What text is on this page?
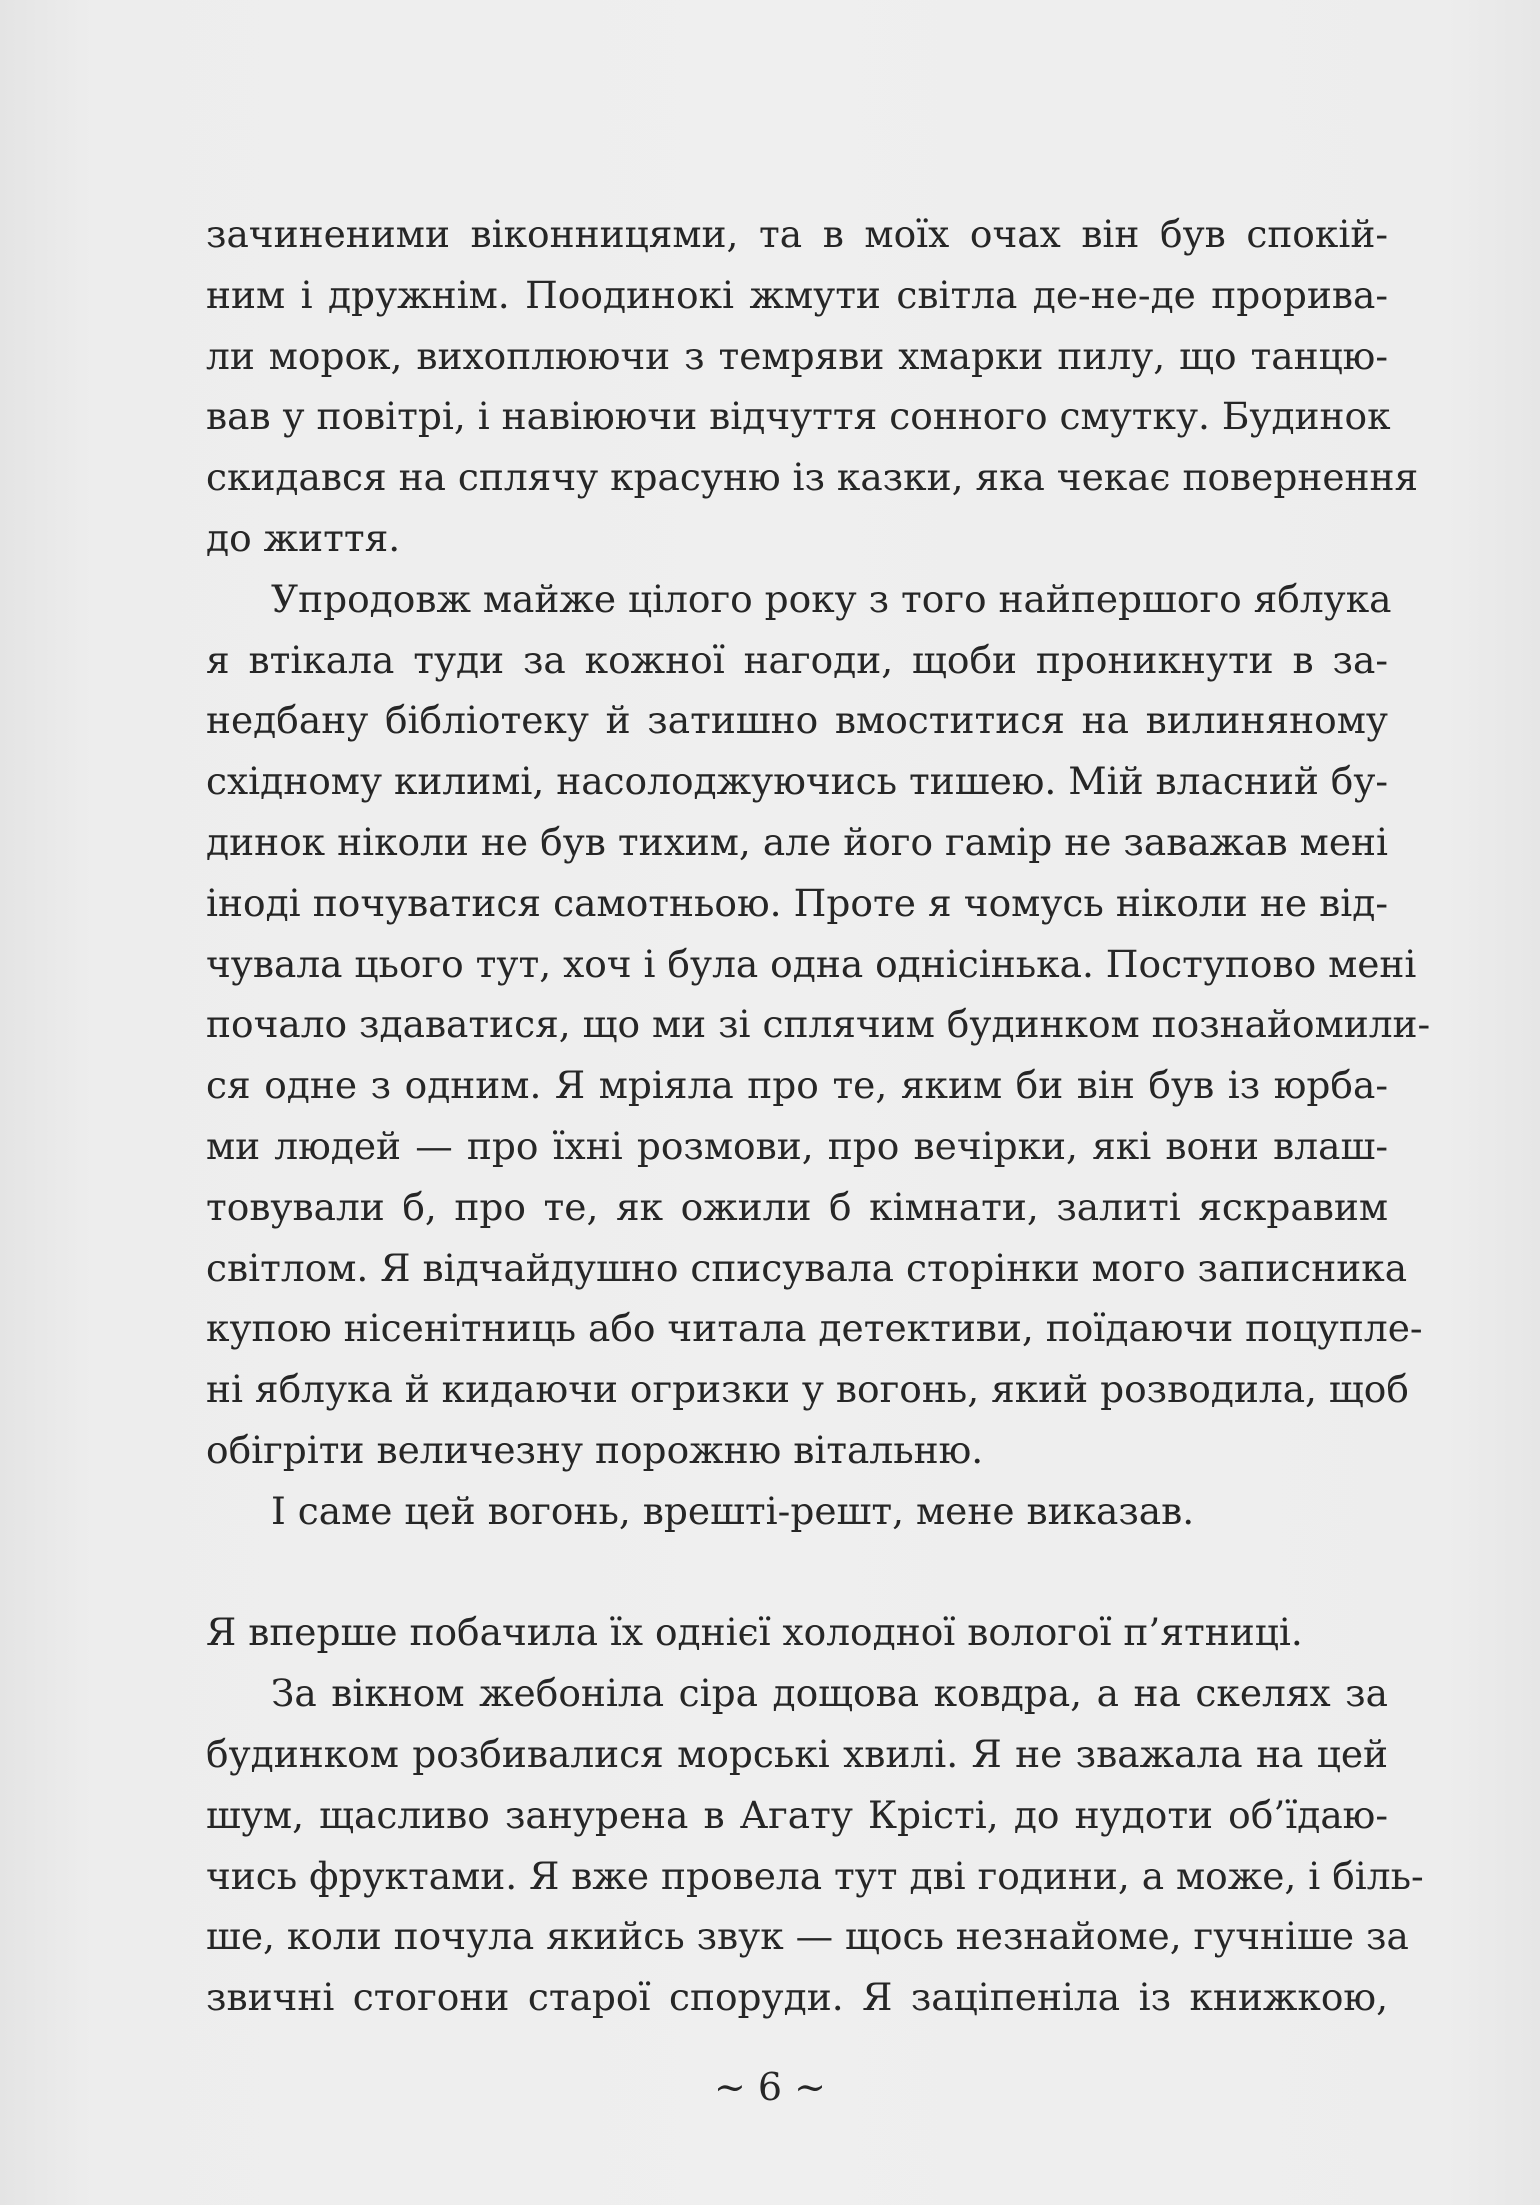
зачиненими віконницями, та в моїх очах він був спокій-
ним і дружнім. Поодинокі жмути світла де-не-де прорива-
ли морок, вихоплюючи з темряви хмарки пилу, що танцю-
вав у повітрі, і навіюючи відчуття сонного смутку. Будинок
скидався на сплячу красуню із казки, яка чекає повернення
до життя.
Упродовж майже цілого року з того найпершого яблука
я втікала туди за кожної нагоди, щоби проникнути в за-
недбану бібліотеку й затишно вмоститися на вилиняному
східному килимі, насолоджуючись тишею. Мій власний бу-
динок ніколи не був тихим, але його гамір не заважав мені
іноді почуватися самотньою. Проте я чомусь ніколи не від-
чувала цього тут, хоч і була одна однісінька. Поступово мені
почало здаватися, що ми зі сплячим будинком познайомили-
ся одне з одним. Я мріяла про те, яким би він був із юрба-
ми людей — про їхні розмови, про вечірки, які вони влаш-
товували б, про те, як ожили б кімнати, залиті яскравим
світлом. Я відчайдушно списувала сторінки мого записника
купою нісенітниць або читала детективи, поїдаючи поцупле-
ні яблука й кидаючи огризки у вогонь, який розводила, щоб
обігріти величезну порожню вітальню.
І саме цей вогонь, врешті-решт, мене виказав.
Я вперше побачила їх однієї холодної вологої п’ятниці.
За вікном жебоніла сіра дощова ковдра, а на скелях за
будинком розбивалися морські хвилі. Я не зважала на цей
шум, щасливо занурена в Агату Крісті, до нудоти об’їдаю-
чись фруктами. Я вже провела тут дві години, а може, і біль-
ше, коли почула якийсь звук — щось незнайоме, гучніше за
звичні стогони старої споруди. Я заціпеніла із книжкою,
~ 6 ~
